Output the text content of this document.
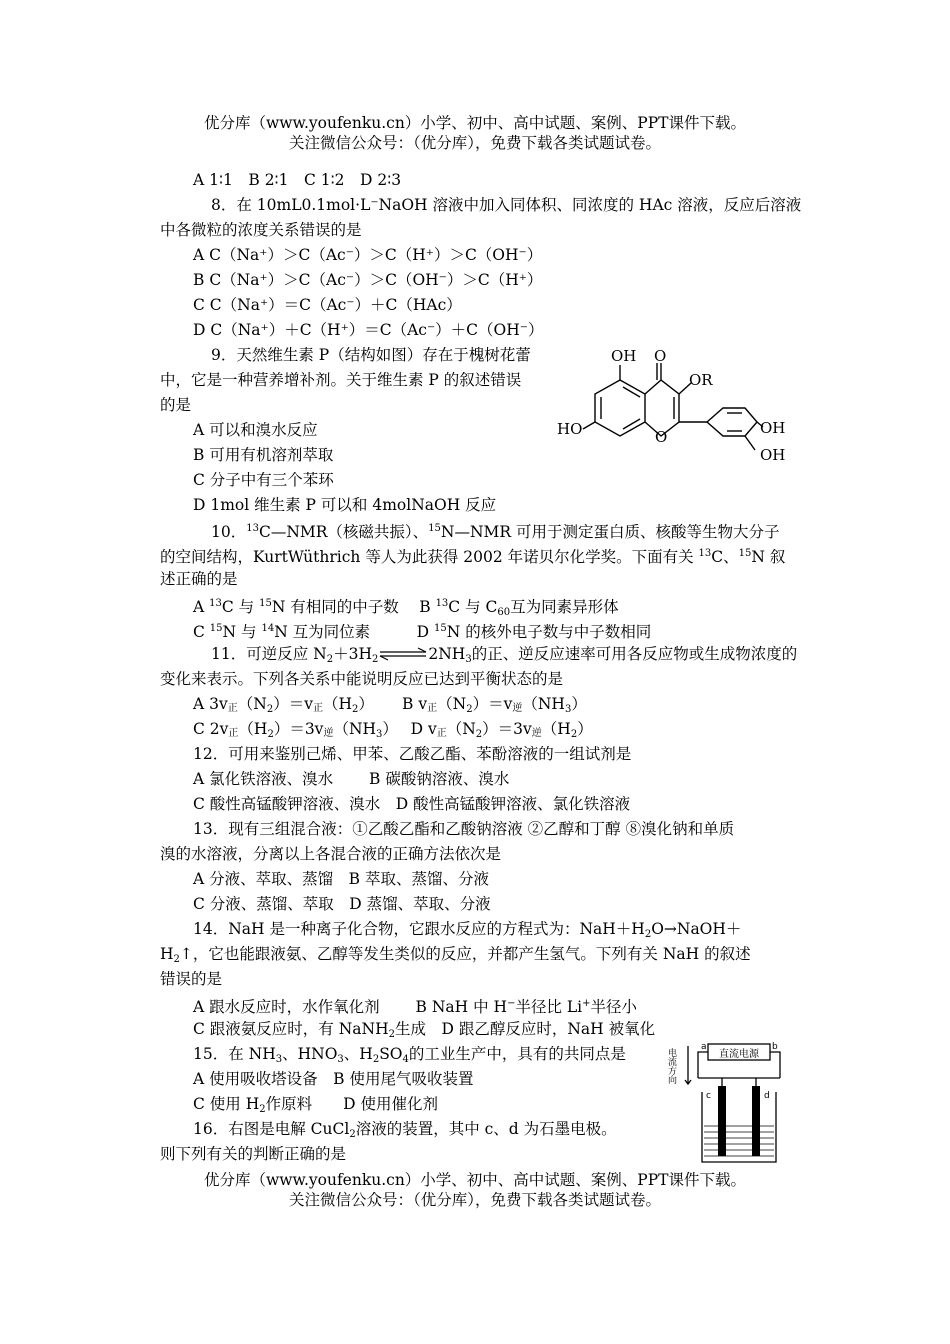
优分库（www.youfenku.cn）小学、初中、高中试题、案例、PPT课件下载。
关注微信公众号：（优分库），免费下载各类试题试卷。
A 1∶1　B 2∶1　C 1∶2　D 2∶3
8．在 10mL0.1mol·L⁻NaOH 溶液中加入同体积、同浓度的 HAc 溶液，反应后溶液
中各微粒的浓度关系错误的是
A C（Na⁺）＞C（Ac⁻）＞C（H⁺）＞C（OH⁻）
B C（Na⁺）＞C（Ac⁻）＞C（OH⁻）＞C（H⁺）
C C（Na⁺）＝C（Ac⁻）＋C（HAc）
D C（Na⁺）＋C（H⁺）＝C（Ac⁻）＋C（OH⁻）
9．天然维生素 P（结构如图）存在于槐树花蕾
中，它是一种营养增补剂。关于维生素 P 的叙述错误
的是
A 可以和溴水反应
B 可用有机溶剂萃取
C 分子中有三个苯环
D 1mol 维生素 P 可以和 4molNaOH 反应
OH O
OR
HO	O	OH
OH
10．$^{13}$C—NMR（核磁共振）、$^{15}$N—NMR 可用于测定蛋白质、核酸等生物大分子
的空间结构，KurtWüthrich 等人为此获得 2002 年诺贝尔化学奖。下面有关 $^{13}$C、$^{15}$N 叙
述正确的是
A $^{13}$C 与 $^{15}$N 有相同的中子数　 B $^{13}$C 与 $C_{60}$互为同素异形体
C $^{15}$N 与 $^{14}$N 互为同位素　　　D $^{15}$N 的核外电子数与中子数相同
11．可逆反应 $N_2+3H_2\rightleftharpoons 2NH_3$的正、逆反应速率可用各反应物或生成物浓度的
变化来表示。下列各关系中能说明反应已达到平衡状态的是
A 3v正$(N_2)=v$正$(H_2)$　　 B v正$(N_2)=v$逆$(NH_3)$
C 2v正$(H_2)=3v$逆$(NH_3)$　 D v正$(N_2)=3v$逆$(H_2)$
12．可用来鉴别己烯、甲苯、乙酸乙酯、苯酚溶液的一组试剂是
A 氯化铁溶液、溴水　　 B 碳酸钠溶液、溴水
C 酸性高锰酸钾溶液、溴水　D 酸性高锰酸钾溶液、氯化铁溶液
13．现有三组混合液：①乙酸乙酯和乙酸钠溶液 ②乙醇和丁醇 ⑧溴化钠和单质
溴的水溶液，分离以上各混合液的正确方法依次是
A 分液、萃取、蒸馏　B 萃取、蒸馏、分液
C 分液、蒸馏、萃取　D 蒸馏、萃取、分液
14．NaH 是一种离子化合物，它跟水反应的方程式为：$NaH+H_2O\to NaOH+$
$H_2↑$，它也能跟液氨、乙醇等发生类似的反应，并都产生氢气。下列有关 NaH 的叙述
错误的是
A 跟水反应时，水作氧化剂　　 B NaH 中 H−半径比 Li+半径小
C 跟液氨反应时，有 NaNH$_2$生成　D 跟乙醇反应时，NaH 被氧化
15．在 $NH_3$、$HNO_3$、$H_2SO_4$的工业生产中，具有的共同点是
A 使用吸收塔设备　B 使用尾气吸收装置
C 使用 $H_2$作原料　　D 使用催化剂
16．右图是电解 CuCl$_2$溶液的装置，其中 c、d 为石墨电极。
则下列有关的判断正确的是
直流电源
a	b
c	d
电流方向
优分库（www.youfenku.cn）小学、初中、高中试题、案例、PPT课件下载。
关注微信公众号：（优分库），免费下载各类试题试卷。
